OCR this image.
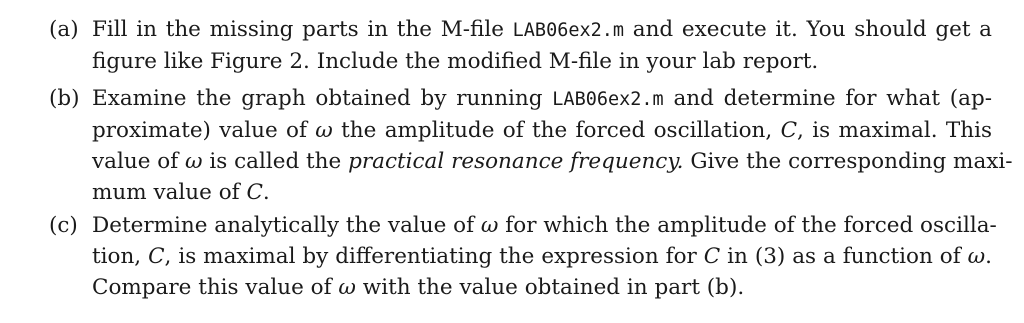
(a) Fill in the missing parts in the M-file LAB06ex2.m and execute it. You should get a
figure like Figure 2. Include the modified M-file in your lab report.
(b) Examine the graph obtained by running LAB06ex2.m and determine for what (ap-
proximate) value of ω the amplitude of the forced oscillation, C, is maximal. This
value of ω is called the practical resonance frequency. Give the corresponding maxi-
mum value of C.
(c) Determine analytically the value of ω for which the amplitude of the forced oscilla-
tion, C, is maximal by differentiating the expression for C in (3) as a function of ω.
Compare this value of ω with the value obtained in part (b).
